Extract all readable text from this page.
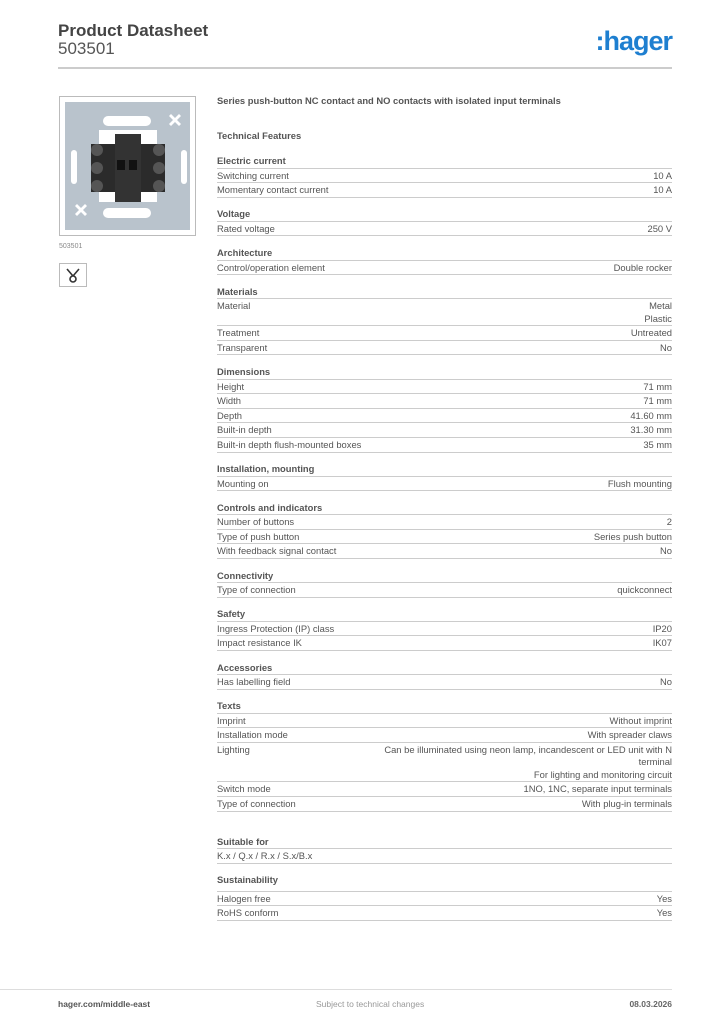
Product Datasheet
503501	:hager
503501
Series push-button NC contact and NO contacts with isolated input terminals
Technical Features
Electric current
Switching current	10 A
Momentary contact current	10 A
Voltage
Rated voltage	250 V
Architecture
Control/operation element	Double rocker
Materials
Material	Metal
Plastic
Treatment	Untreated
Transparent	No
Dimensions
Height	71 mm
Width	71 mm
Depth	41.60 mm
Built-in depth	31.30 mm
Built-in depth flush-mounted boxes	35 mm
Installation, mounting
Mounting on	Flush mounting
Controls and indicators
Number of buttons	2
Type of push button	Series push button
With feedback signal contact	No
Connectivity
Type of connection	quickconnect
Safety
Ingress Protection (IP) class	IP20
Impact resistance IK	IK07
Accessories
Has labelling field	No
Texts
Imprint	Without imprint
Installation mode	With spreader claws
Lighting	Can be illuminated using neon lamp, incandescent or LED unit with N terminal
For lighting and monitoring circuit
Switch mode	1NO, 1NC, separate input terminals
Type of connection	With plug-in terminals
Suitable for
K.x / Q.x / R.x / S.x/B.x
Sustainability
Halogen free	Yes
RoHS conform	Yes
hager.com/middle-east	Subject to technical changes	08.03.2026
